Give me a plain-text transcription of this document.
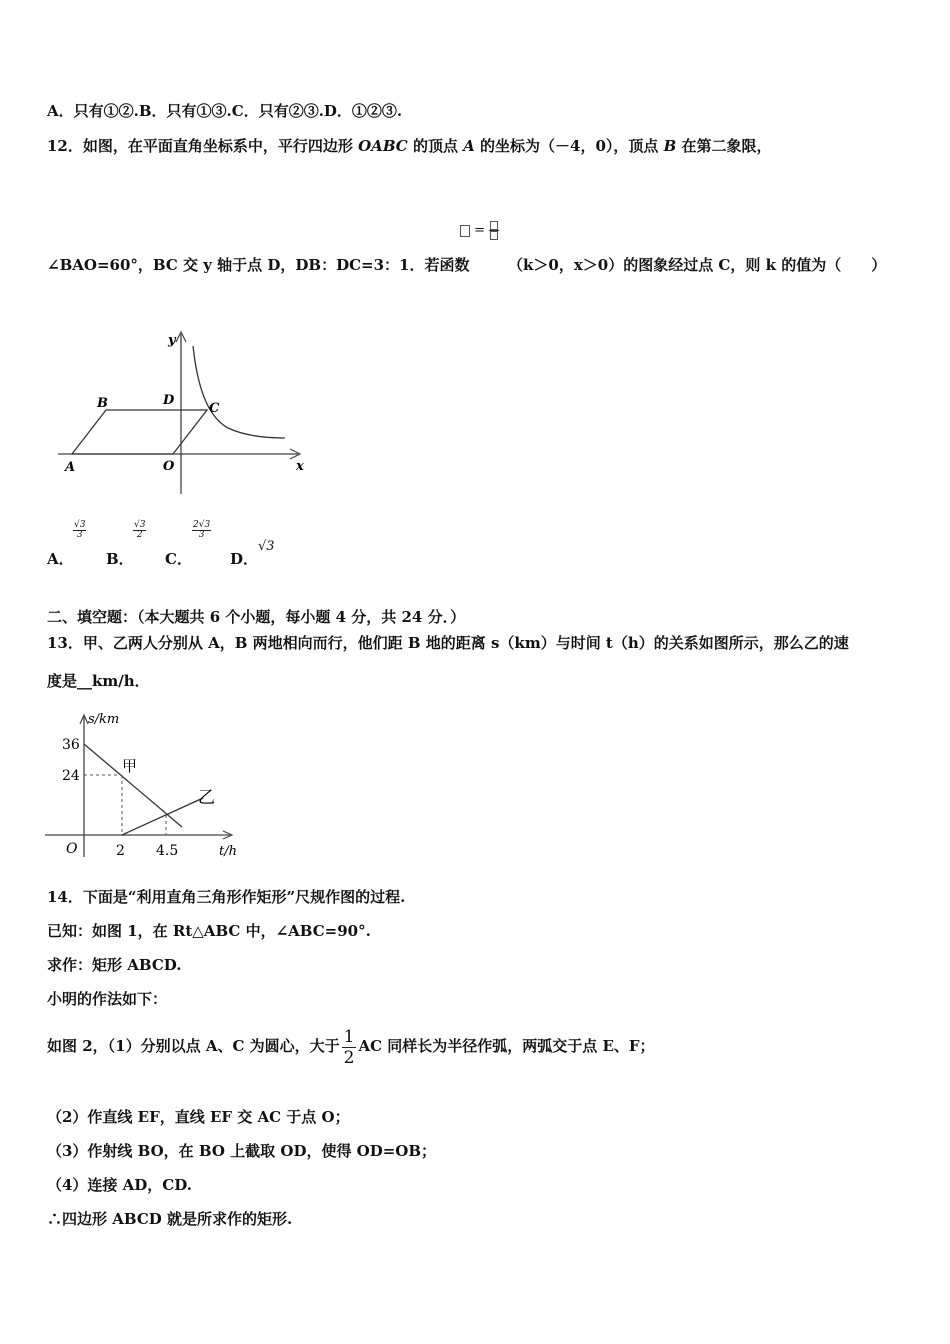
A．只有①②.B．只有①③.C．只有②③.D．①②③.
12．如图，在平面直角坐标系中，平行四边形 OABC 的顶点 A 的坐标为（－4，0），顶点 B 在第二象限，
=
∠BAO=60°，BC 交 y 轴于点 D，DB：DC=3：1．若函数	（k＞0，x＞0）的图象经过点 C，则 k 的值为（　　）
y
x
A
B	D
C
O
A．
$\frac{√3}{3}$
B．
$\frac{√3}{2}$
C．
$\frac{2√3}{3}$
D．
√3
二、填空题：（本大题共 6 个小题，每小题 4 分，共 24 分．）
13．甲、乙两人分别从 A，B 两地相向而行，他们距 B 地的距离 s（km）与时间 t（h）的关系如图所示，那么乙的速
度是__km/h．
s/km
t/h
O
36
24
2 4.5
甲
乙
14．下面是“利用直角三角形作矩形”尺规作图的过程.
已知：如图 1，在 Rt△ABC 中，∠ABC=90°.
求作：矩形 ABCD.
小明的作法如下：
如图 2，（1）分别以点 A、C 为圆心，大于 $\frac{1}{2}$ AC 同样长为半径作弧，两弧交于点 E、F；
（2）作直线 EF，直线 EF 交 AC 于点 O；
（3）作射线 BO，在 BO 上截取 OD，使得 OD=OB；
（4）连接 AD，CD.
∴四边形 ABCD 就是所求作的矩形.
